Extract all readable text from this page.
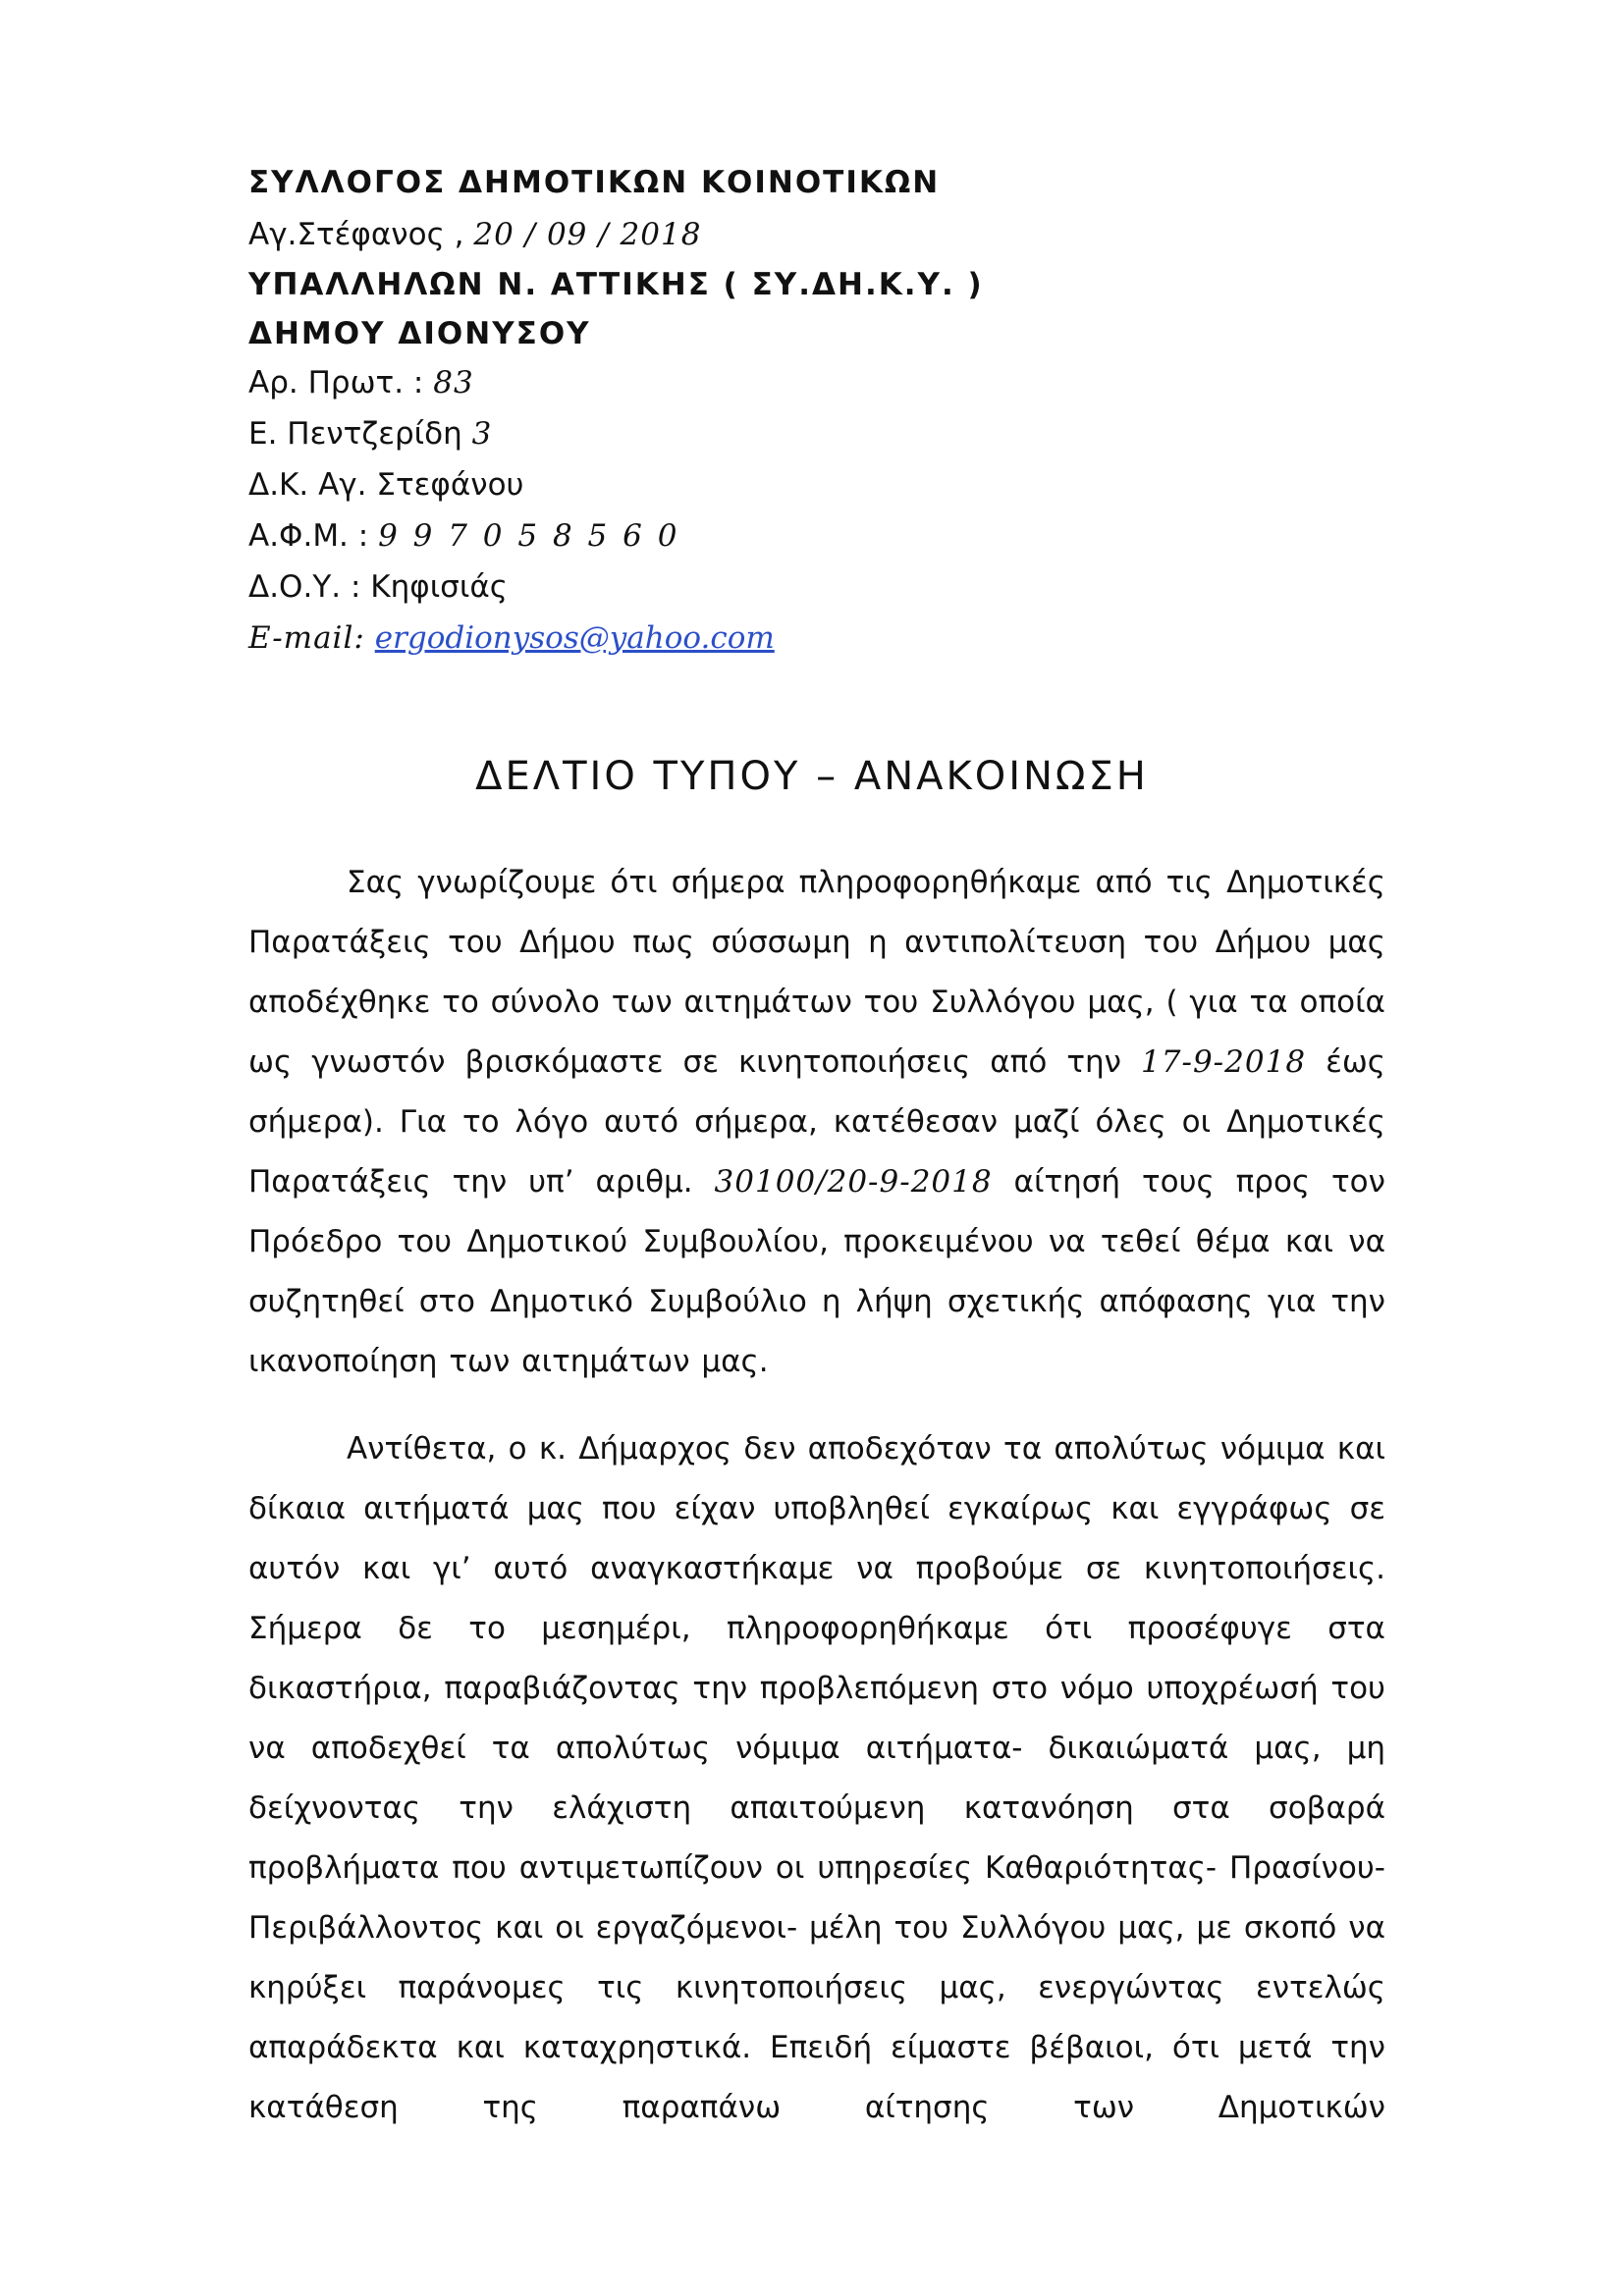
ΣΥΛΛΟΓΟΣ ΔΗΜΟΤΙΚΩΝ ΚΟΙΝΟΤΙΚΩΝ

Αγ.Στέφανος , 20 / 09 / 2018

ΥΠΑΛΛΗΛΩΝ Ν. ΑΤΤΙΚΗΣ ( ΣΥ.ΔΗ.Κ.Υ. )

ΔΗΜΟΥ ΔΙΟΝΥΣΟΥ

Αρ. Πρωτ. : 83

Ε. Πεντζερίδη 3

Δ.Κ. Αγ. Στεφάνου

Α.Φ.Μ. : 9 9 7 0 5 8 5 6 0

Δ.Ο.Υ. : Κηφισιάς

E-mail: ergodionysos@yahoo.com

ΔΕΛΤΙΟ ΤΥΠΟΥ – ΑΝΑΚΟΙΝΩΣΗ

Σας γνωρίζουμε ότι σήμερα πληροφορηθήκαμε από τις Δημοτικές Παρατάξεις του Δήμου πως σύσσωμη η αντιπολίτευση του Δήμου μας αποδέχθηκε το σύνολο των αιτημάτων του Συλλόγου μας, ( για τα οποία ως γνωστόν βρισκόμαστε σε κινητοποιήσεις από την 17-9-2018 έως σήμερα). Για το λόγο αυτό σήμερα, κατέθεσαν μαζί όλες οι Δημοτικές Παρατάξεις την υπ’ αριθμ. 30100/20-9-2018 αίτησή τους προς τον Πρόεδρο του Δημοτικού Συμβουλίου, προκειμένου να τεθεί θέμα και να συζητηθεί στο Δημοτικό Συμβούλιο η λήψη σχετικής απόφασης για την ικανοποίηση των αιτημάτων μας.

Αντίθετα, ο κ. Δήμαρχος δεν αποδεχόταν τα απολύτως νόμιμα και δίκαια αιτήματά μας που είχαν υποβληθεί εγκαίρως και εγγράφως σε αυτόν και γι’ αυτό αναγκαστήκαμε να προβούμε σε κινητοποιήσεις. Σήμερα δε το μεσημέρι, πληροφορηθήκαμε ότι προσέφυγε στα δικαστήρια, παραβιάζοντας την προβλεπόμενη στο νόμο υποχρέωσή του να αποδεχθεί τα απολύτως νόμιμα αιτήματα- δικαιώματά μας, μη δείχνοντας την ελάχιστη απαιτούμενη κατανόηση στα σοβαρά προβλήματα που αντιμετωπίζουν οι υπηρεσίες Καθαριότητας- Πρασίνου- Περιβάλλοντος και οι εργαζόμενοι- μέλη του Συλλόγου μας, με σκοπό να κηρύξει παράνομες τις κινητοποιήσεις μας, ενεργώντας εντελώς απαράδεκτα και καταχρηστικά. Επειδή είμαστε βέβαιοι, ότι μετά την κατάθεση της παραπάνω αίτησης των Δημοτικών
